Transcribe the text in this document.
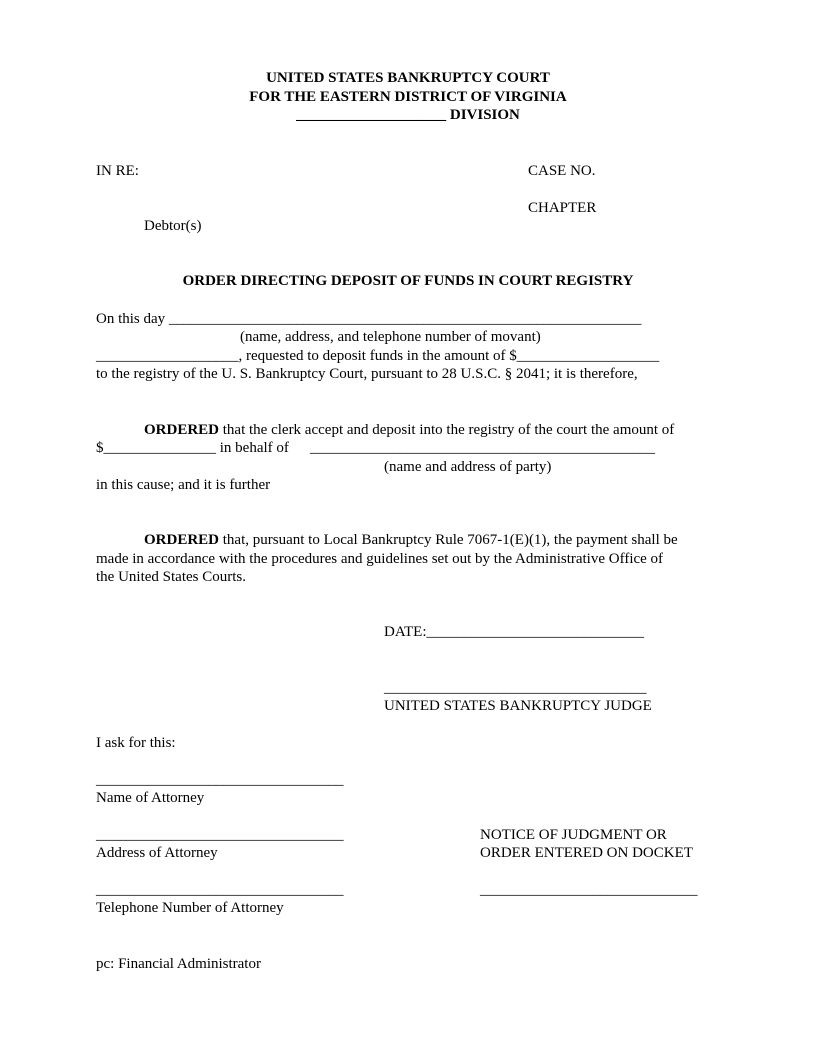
UNITED STATES BANKRUPTCY COURT
FOR THE EASTERN DISTRICT OF VIRGINIA
____________________ DIVISION
IN RE:	CASE NO.
CHAPTER
Debtor(s)
ORDER DIRECTING DEPOSIT OF FUNDS IN COURT REGISTRY
On this day _______________________________________________________________
(name, address, and telephone number of movant)
___________________, requested to deposit funds in the amount of $___________________
to the registry of the U. S. Bankruptcy Court, pursuant to 28 U.S.C. § 2041; it is therefore,
ORDERED that the clerk accept and deposit into the registry of the court the amount of
$_______________ in behalf of ______________________________________________
(name and address of party)
in this cause; and it is further
ORDERED that, pursuant to Local Bankruptcy Rule 7067-1(E)(1), the payment shall be
made in accordance with the procedures and guidelines set out by the Administrative Office of
the United States Courts.
DATE:_____________________________
___________________________________
UNITED STATES BANKRUPTCY JUDGE
I ask for this:
_________________________________
Name of Attorney
_________________________________
Address of Attorney
NOTICE OF JUDGMENT OR
ORDER ENTERED ON DOCKET
_________________________________
Telephone Number of Attorney
_____________________________
pc: Financial Administrator
